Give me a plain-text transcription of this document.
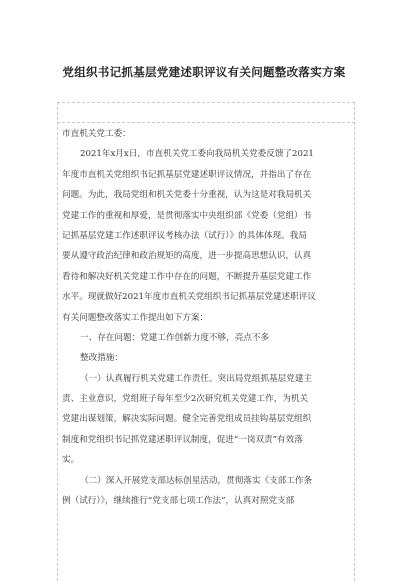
党组织书记抓基层党建述职评议有关问题整改落实方案
市直机关党工委：
2021年x月x日，市直机关党工委向我局机关党委反馈了2021
年度市直机关党组织书记抓基层党建述职评议情况，并指出了存在
问题。为此，我局党组和机关党委十分重视，认为这是对我局机关
党建工作的重视和厚爱，是贯彻落实中央组织部《党委（党组）书
记抓基层党建工作述职评议考核办法（试行）》的具体体现。我局
要从遵守政治纪律和政治规矩的高度，进一步提高思想认识，认真
看待和解决好机关党建工作中存在的问题，不断提升基层党建工作
水平。现就做好2021年度市直机关党组织书记抓基层党建述职评议
有关问题整改落实工作提出如下方案：
一、存在问题：党建工作创新力度不够，亮点不多
整改措施：
（一）认真履行机关党建工作责任。突出局党组抓基层党建主
责、主业意识，党组班子每年至少2次研究机关党建工作，为机关
党建出谋划策，解决实际问题。健全完善党组成员挂钩基层党组织
制度和党组织书记抓党建述职评议制度，促进“一岗双责”有效落
实。
（二）深入开展党支部达标创星活动，贯彻落实《支部工作条
例（试行）》，继续推行“党支部七项工作法”，认真对照党支部
